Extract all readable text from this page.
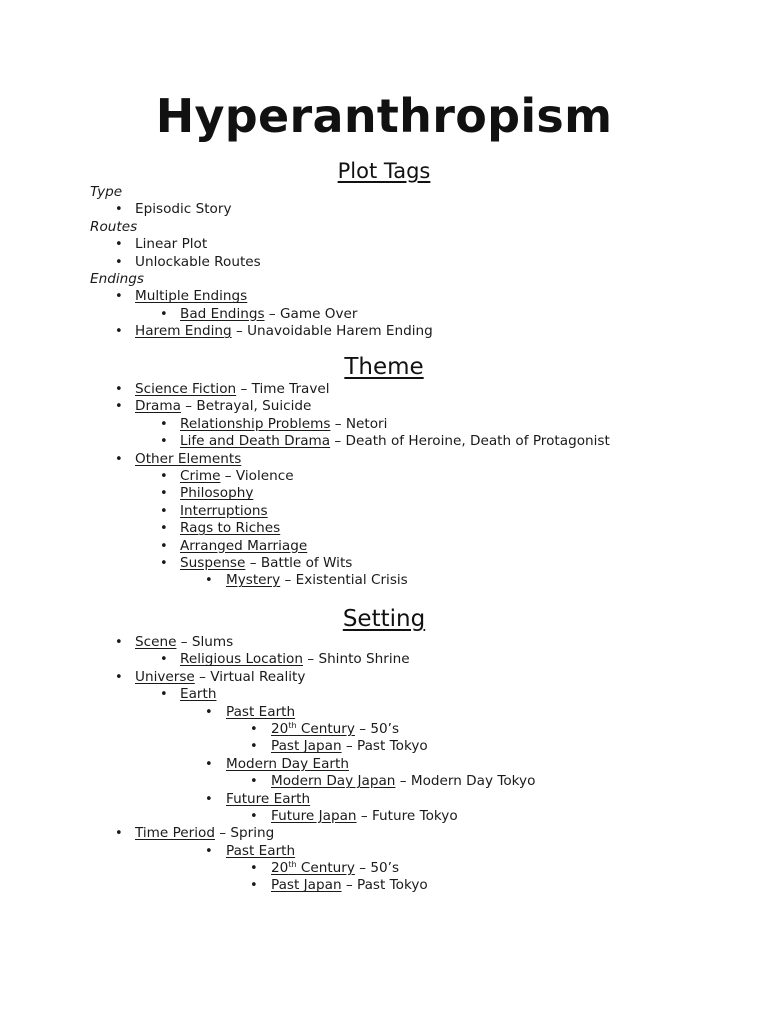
Hyperanthropism
Plot Tags
Type
• Episodic Story
Routes
• Linear Plot
• Unlockable Routes
Endings
• Multiple Endings
• Bad Endings – Game Over
• Harem Ending – Unavoidable Harem Ending
Theme
• Science Fiction – Time Travel
• Drama – Betrayal, Suicide
• Relationship Problems – Netori
• Life and Death Drama – Death of Heroine, Death of Protagonist
• Other Elements
• Crime – Violence
• Philosophy
• Interruptions
• Rags to Riches
• Arranged Marriage
• Suspense – Battle of Wits
• Mystery – Existential Crisis
Setting
• Scene – Slums
• Religious Location – Shinto Shrine
• Universe – Virtual Reality
• Earth
• Past Earth
• 20th Century – 50’s
• Past Japan – Past Tokyo
• Modern Day Earth
• Modern Day Japan – Modern Day Tokyo
• Future Earth
• Future Japan – Future Tokyo
• Time Period – Spring
• Past Earth
• 20th Century – 50’s
• Past Japan – Past Tokyo
